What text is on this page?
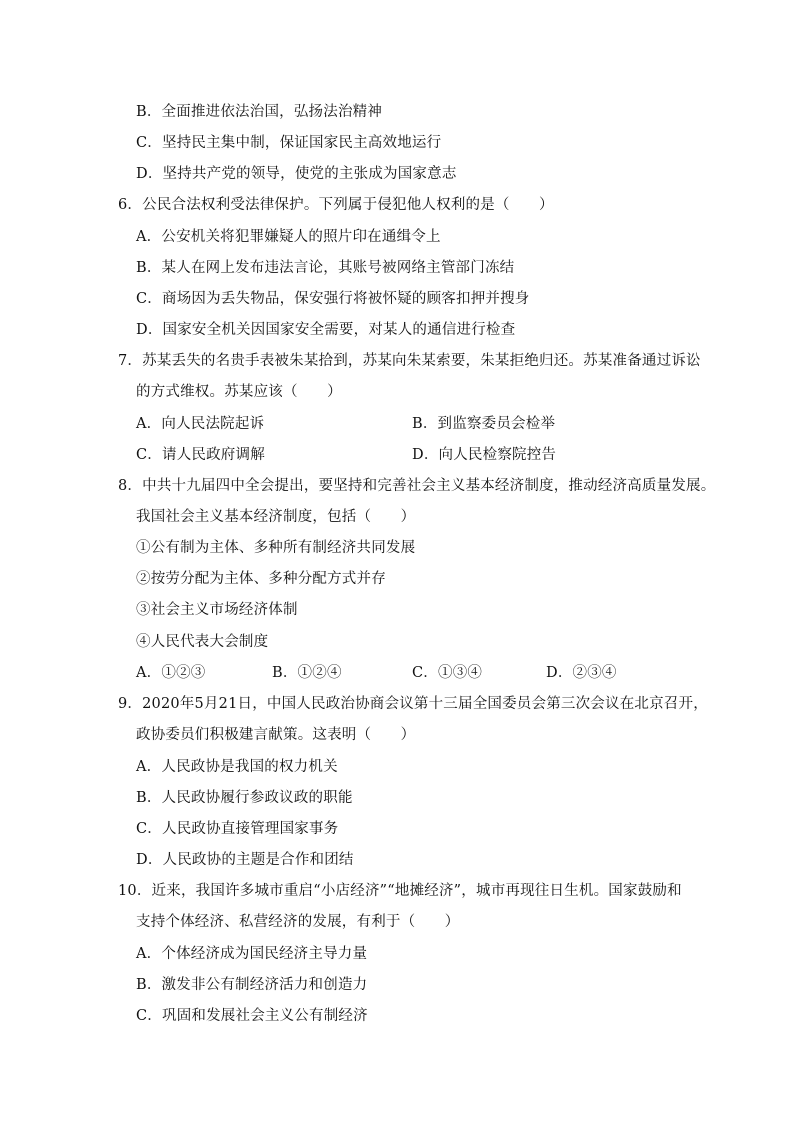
B．全面推进依法治国，弘扬法治精神
C．坚持民主集中制，保证国家民主高效地运行
D．坚持共产党的领导，使党的主张成为国家意志
6．公民合法权利受法律保护。下列属于侵犯他人权利的是（　　）
A．公安机关将犯罪嫌疑人的照片印在通缉令上
B．某人在网上发布违法言论，其账号被网络主管部门冻结
C．商场因为丢失物品，保安强行将被怀疑的顾客扣押并搜身
D．国家安全机关因国家安全需要，对某人的通信进行检查
7．苏某丢失的名贵手表被朱某拾到，苏某向朱某索要，朱某拒绝归还。苏某准备通过诉讼
的方式维权。苏某应该（　　）
A．向人民法院起诉	B．到监察委员会检举
C．请人民政府调解	D．向人民检察院控告
8．中共十九届四中全会提出，要坚持和完善社会主义基本经济制度，推动经济高质量发展。
我国社会主义基本经济制度，包括（　　）
①公有制为主体、多种所有制经济共同发展
②按劳分配为主体、多种分配方式并存
③社会主义市场经济体制
④人民代表大会制度
A．①②③	B．①②④	C．①③④	D．②③④
9．2020年5月21日，中国人民政治协商会议第十三届全国委员会第三次会议在北京召开，
政协委员们积极建言献策。这表明（　　）
A．人民政协是我国的权力机关
B．人民政协履行参政议政的职能
C．人民政协直接管理国家事务
D．人民政协的主题是合作和团结
10．近来，我国许多城市重启“小店经济”“地摊经济”，城市再现往日生机。国家鼓励和
支持个体经济、私营经济的发展，有利于（　　）
A．个体经济成为国民经济主导力量
B．激发非公有制经济活力和创造力
C．巩固和发展社会主义公有制经济
